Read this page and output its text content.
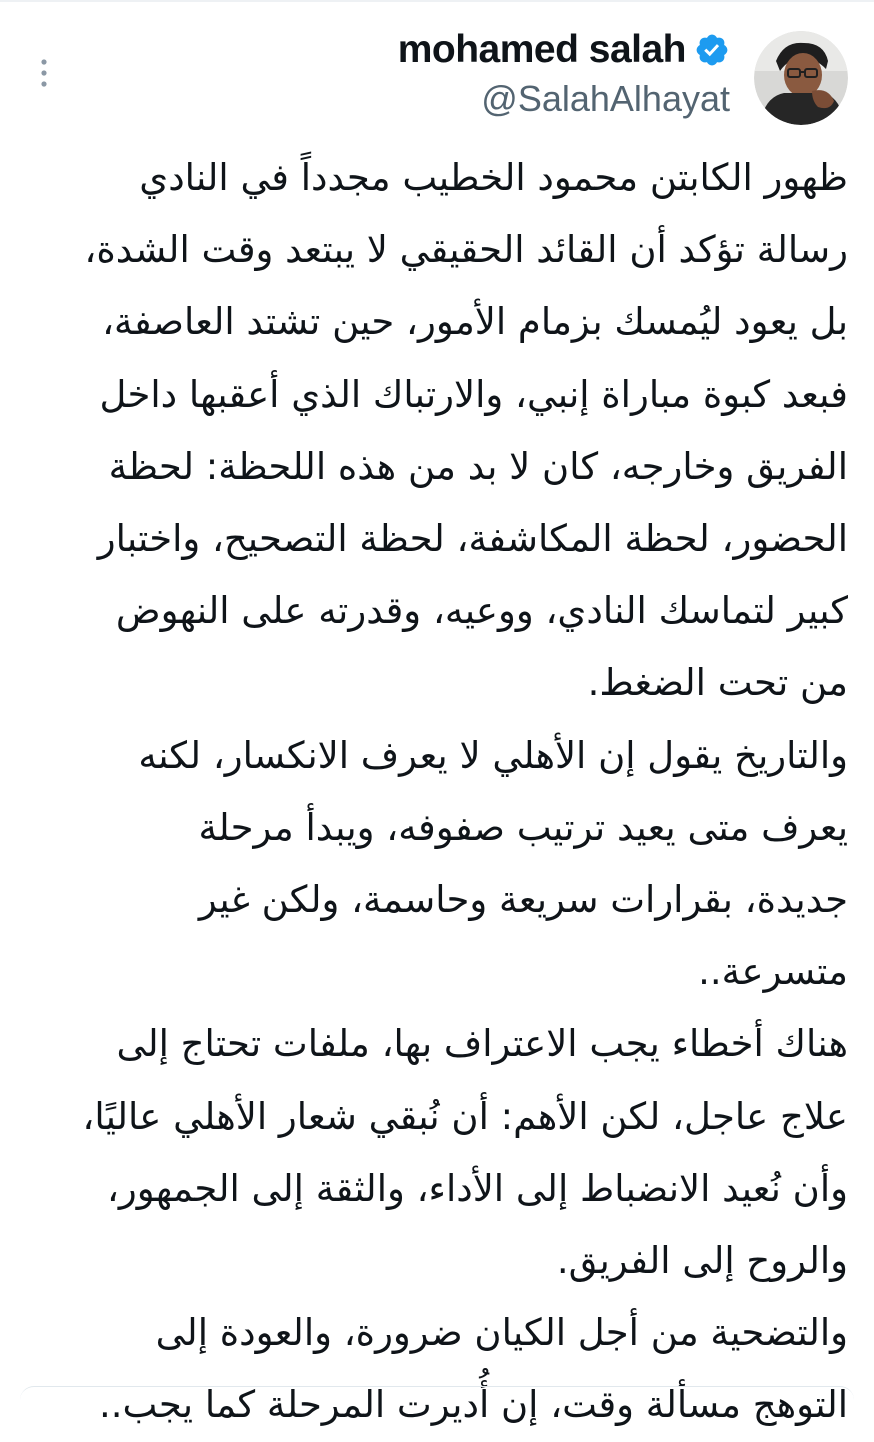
mohamed salah
@SalahAlhayat
ظهور الكابتن محمود الخطيب مجدداً في النادي
رسالة تؤكد أن القائد الحقيقي لا يبتعد وقت الشدة،
بل يعود ليُمسك بزمام الأمور، حين تشتد العاصفة،
فبعد كبوة مباراة إنبي، والارتباك الذي أعقبها داخل
الفريق وخارجه، كان لا بد من هذه اللحظة: لحظة
الحضور، لحظة المكاشفة، لحظة التصحيح، واختبار
كبير لتماسك النادي، ووعيه، وقدرته على النهوض
من تحت الضغط.
والتاريخ يقول إن الأهلي لا يعرف الانكسار، لكنه
يعرف متى يعيد ترتيب صفوفه، ويبدأ مرحلة
جديدة، بقرارات سريعة وحاسمة، ولكن غير
متسرعة..
هناك أخطاء يجب الاعتراف بها، ملفات تحتاج إلى
علاج عاجل، لكن الأهم: أن نُبقي شعار الأهلي عاليًا،
وأن نُعيد الانضباط إلى الأداء، والثقة إلى الجمهور،
والروح إلى الفريق.
والتضحية من أجل الكيان ضرورة، والعودة إلى
التوهج مسألة وقت، إن أُديرت المرحلة كما يجب..
